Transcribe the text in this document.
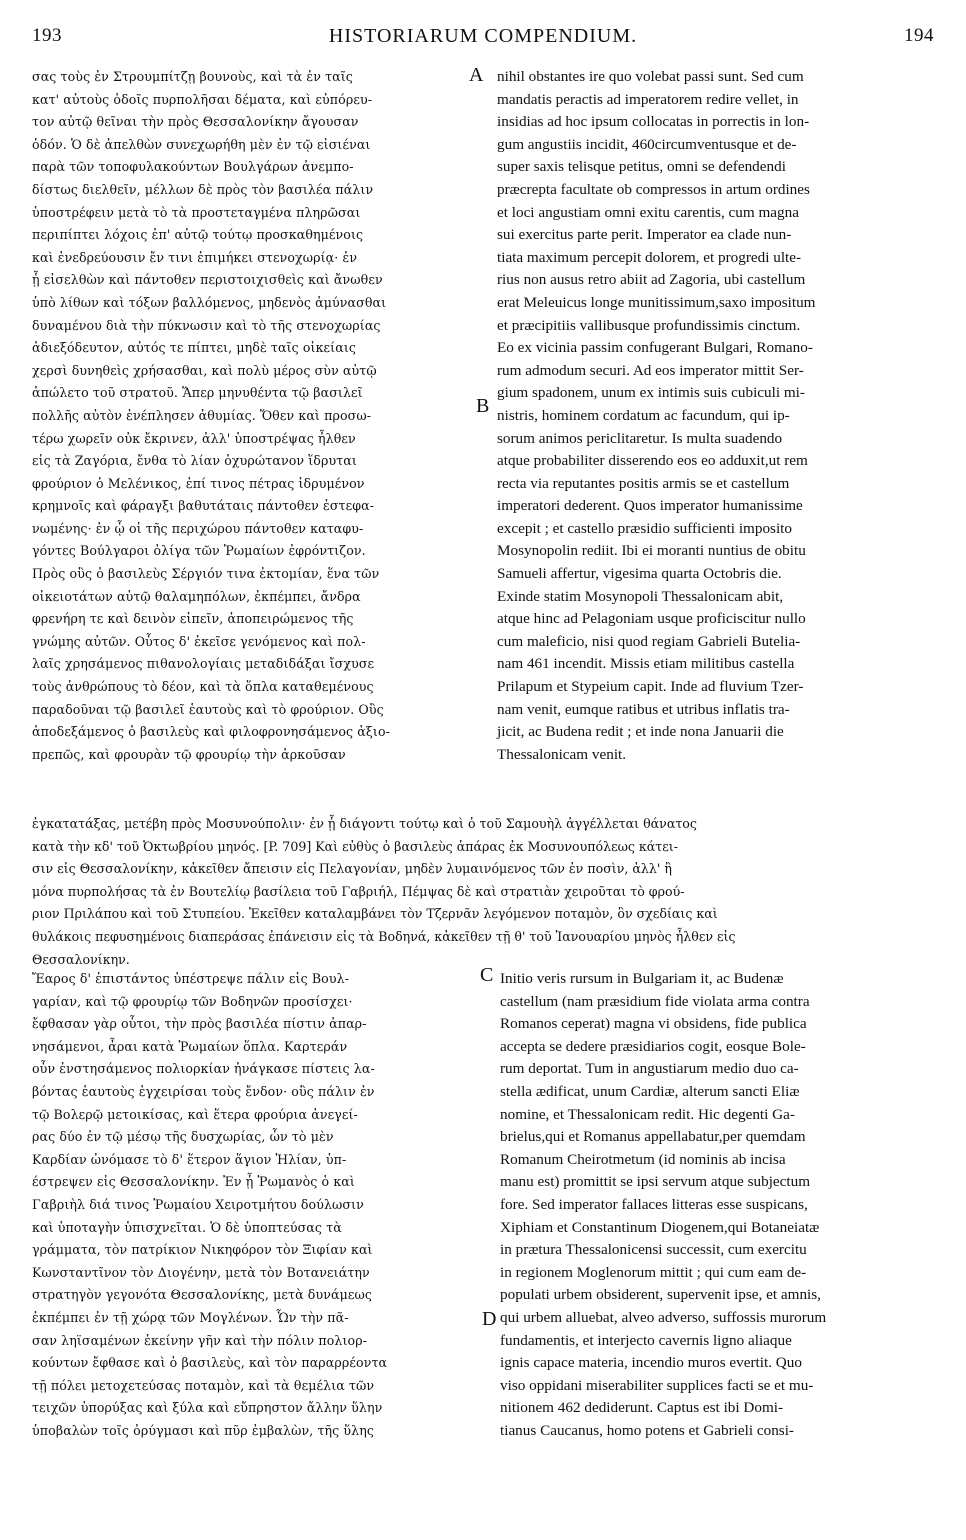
193	HISTORIARUM COMPENDIUM.	194
σας τοὺς ἐν Στρουμπίτζῃ βουνοὺς, καὶ τὰ ἐν ταῖς
κατ' αὐτοὺς ὁδοῖς πυρπολῆσαι δέματα, καὶ εὐπόρευ-
τον αὐτῷ θεῖναι τὴν πρὸς Θεσσαλονίκην ἄγουσαν
ὁδόν. Ὁ δὲ ἀπελθὼν συνεχωρήθη μὲν ἐν τῷ εἰσιέναι
παρὰ τῶν τοποφυλακούντων Βουλγάρων ἀνεμπο-
δίστως διελθεῖν, μέλλων δὲ πρὸς τὸν βασιλέα πάλιν
ὑποστρέφειν μετὰ τὸ τὰ προστεταγμένα πληρῶσαι
περιπίπτει λόχοις ἐπ' αὐτῷ τούτῳ προσκαθημένοις
καὶ ἐνεδρεύουσιν ἔν τινι ἐπιμήκει στενοχωρίᾳ· ἐν
ᾗ εἰσελθὼν καὶ πάντοθεν περιστοιχισθεὶς καὶ ἄνωθεν
ὑπὸ λίθων καὶ τόξων βαλλόμενος, μηδενὸς ἀμύνασθαι
δυναμένου διὰ τὴν πύκνωσιν καὶ τὸ τῆς στενοχωρίας
ἀδιεξόδευτον, αὐτός τε πίπτει, μηδὲ ταῖς οἰκείαις
χερσὶ δυνηθεὶς χρήσασθαι, καὶ πολὺ μέρος σὺν αὐτῷ
ἀπώλετο τοῦ στρατοῦ. Ἅπερ μηνυθέντα τῷ βασιλεῖ
πολλῆς αὐτὸν ἐνέπλησεν ἀθυμίας. Ὅθεν καὶ προσω-
τέρω χωρεῖν οὐκ ἔκρινεν, ἀλλ' ὑποστρέψας ἦλθεν
εἰς τὰ Ζαγόρια, ἔνθα τὸ λίαν ὀχυρώτανον ἵδρυται
φρούριον ὁ Μελένικος, ἐπί τινος πέτρας ἱδρυμένον
κρημνοῖς καὶ φάραγξι βαθυτάταις πάντοθεν ἐστεφα-
νωμένης· ἐν ᾧ οἱ τῆς περιχώρου πάντοθεν καταφυ-
γόντες Βούλγαροι ὀλίγα τῶν Ῥωμαίων ἐφρόντιζον.
Πρὸς οὓς ὁ βασιλεὺς Σέργιόν τινα ἐκτομίαν, ἕνα τῶν
οἰκειοτάτων αὐτῷ θαλαμηπόλων, ἐκπέμπει, ἄνδρα
φρενήρη τε καὶ δεινὸν εἰπεῖν, ἀποπειρώμενος τῆς
γνώμης αὐτῶν. Οὗτος δ' ἐκεῖσε γενόμενος καὶ πολ-
λαῖς χρησάμενος πιθανολογίαις μεταδιδάξαι ἴσχυσε
τοὺς ἀνθρώπους τὸ δέον, καὶ τὰ ὅπλα καταθεμένους
παραδοῦναι τῷ βασιλεῖ ἑαυτοὺς καὶ τὸ φρούριον. Οὓς
ἀποδεξάμενος ὁ βασιλεὺς καὶ φιλοφρονησάμενος ἀξιο-
πρεπῶς, καὶ φρουρὰν τῷ φρουρίῳ τὴν ἀρκοῦσαν
nihil obstantes ire quo volebat passi sunt. Sed cum
mandatis peractis ad imperatorem redire vellet, in
insidias ad hoc ipsum collocatas in porrectis in lon-
gum angustiis incidit, 460circumventusque et de-
super saxis telisque petitus, omni se defendendi
præcrepta facultate ob compressos in artum ordines
et loci angustiam omni exitu carentis, cum magna
sui exercitus parte perit. Imperator ea clade nun-
tiata maximum percepit dolorem, et progredi ulte-
rius non ausus retro abiit ad Zagoria, ubi castellum
erat Meleuicus longe munitissimum,saxo impositum
et præcipitiis vallibusque profundissimis cinctum.
Eo ex vicinia passim confugerant Bulgari, Romano-
rum admodum securi. Ad eos imperator mittit Ser-
gium spadonem, unum ex intimis suis cubiculi mi-
nistris, hominem cordatum ac facundum, qui ip-
sorum animos periclitaretur. Is multa suadendo
atque probabiliter disserendo eos eo adduxit,ut rem
recta via reputantes positis armis se et castellum
imperatori dederent. Quos imperator humanissime
excepit ; et castello præsidio sufficienti imposito
Mosynopolin rediit. Ibi ei moranti nuntius de obitu
Samueli affertur, vigesima quarta Octobris die.
Exinde statim Mosynopoli Thessalonicam abit,
atque hinc ad Pelagoniam usque proficiscitur nullo
cum maleficio, nisi quod regiam Gabrieli Butelia-
nam 461 incendit. Missis etiam militibus castella
Prilapum et Stypeium capit. Inde ad fluvium Tzer-
nam venit, eumque ratibus et utribus inflatis tra-
jicit, ac Budena redit ; et inde nona Januarii die
Thessalonicam venit.
A
B
C
D
ἐγκατατάξας, μετέβη πρὸς Μοσυνούπολιν· ἐν ᾗ διάγοντι τούτῳ καὶ ὁ τοῦ Σαμουὴλ ἀγγέλλεται θάνατος
κατὰ τὴν κδ' τοῦ Ὀκτωβρίου μηνός. [P. 709] Καὶ εὐθὺς ὁ βασιλεὺς ἀπάρας ἐκ Μοσυνουπόλεως κάτει-
σιν εἰς Θεσσαλονίκην, κἀκεῖθεν ἄπεισιν εἰς Πελαγονίαν, μηδὲν λυμαινόμενος τῶν ἐν ποσὶν, ἀλλ' ἢ
μόνα πυρπολήσας τὰ ἐν Βουτελίῳ βασίλεια τοῦ Γαβριήλ, Πέμψας δὲ καὶ στρατιὰν χειροῦται τὸ φρού-
ριον Πριλάπου καὶ τοῦ Στυπείου. Ἐκεῖθεν καταλαμβάνει τὸν Τζερνᾶν λεγόμενον ποταμὸν, ὃν σχεδίαις καὶ
θυλάκοις πεφυσημένοις διαπεράσας ἐπάνεισιν εἰς τὰ Βοδηνά, κἀκεῖθεν τῇ θ' τοῦ Ἰανουαρίου μηνὸς ἦλθεν εἰς
Θεσσαλονίκην.
Ἔαρος δ' ἐπιστάντος ὑπέστρεψε πάλιν εἰς Βουλ-
γαρίαν, καὶ τῷ φρουρίῳ τῶν Βοδηνῶν προσίσχει·
ἔφθασαν γὰρ οὗτοι, τὴν πρὸς βασιλέα πίστιν ἀπαρ-
νησάμενοι, ἆραι κατὰ Ῥωμαίων ὅπλα. Καρτεράν
οὖν ἐνστησάμενος πολιορκίαν ἠνάγκασε πίστεις λα-
βόντας ἑαυτοὺς ἐγχειρίσαι τοὺς ἔνδον· οὓς πάλιν ἐν
τῷ Βολερῷ μετοικίσας, καὶ ἕτερα φρούρια ἀνεγεί-
ρας δύο ἐν τῷ μέσῳ τῆς δυσχωρίας, ὧν τὸ μὲν
Καρδίαν ὠνόμασε τὸ δ' ἕτερον ἅγιον Ἠλίαν, ὑπ-
έστρεψεν εἰς Θεσσαλονίκην. Ἐν ᾗ Ῥωμανὸς ὁ καὶ
Γαβριὴλ διά τινος Ῥωμαίου Χειροτμήτου δούλωσιν
καὶ ὑποταγὴν ὑπισχνεῖται. Ὁ δὲ ὑποπτεύσας τὰ
γράμματα, τὸν πατρίκιον Νικηφόρον τὸν Ξιφίαν καὶ
Κωνσταντῖνον τὸν Διογένην, μετὰ τὸν Βοτανειάτην
στρατηγὸν γεγονότα Θεσσαλονίκης, μετὰ δυνάμεως
ἐκπέμπει ἐν τῇ χώρᾳ τῶν Μογλένων. Ὧν τὴν πᾶ-
σαν ληϊσαμένων ἐκείνην γῆν καὶ τὴν πόλιν πολιορ-
κούντων ἔφθασε καὶ ὁ βασιλεὺς, καὶ τὸν παραρρέοντα
τῇ πόλει μετοχετεύσας ποταμὸν, καὶ τὰ θεμέλια τῶν
τειχῶν ὑπορύξας καὶ ξύλα καὶ εὔπρηστον ἄλλην ὕλην
ὑποβαλὼν τοῖς ὀρύγμασι καὶ πῦρ ἐμβαλὼν, τῆς ὕλης
Initio veris rursum in Bulgariam it, ac Budenæ
castellum (nam præsidium fide violata arma contra
Romanos ceperat) magna vi obsidens, fide publica
accepta se dedere præsidiarios cogit, eosque Bole-
rum deportat. Tum in angustiarum medio duo ca-
stella ædificat, unum Cardiæ, alterum sancti Eliæ
nomine, et Thessalonicam redit. Hic degenti Ga-
brielus,qui et Romanus appellabatur,per quemdam
Romanum Cheirotmetum (id nominis ab incisa
manu est) promittit se ipsi servum atque subjectum
fore. Sed imperator fallaces litteras esse suspicans,
Xiphiam et Constantinum Diogenem,qui Botaneiatæ
in prætura Thessalonicensi successit, cum exercitu
in regionem Moglenorum mittit ; qui cum eam de-
populati urbem obsiderent, supervenit ipse, et amnis,
qui urbem alluebat, alveo adverso, suffossis murorum
fundamentis, et interjecto cavernis ligno aliaque
ignis capace materia, incendio muros evertit. Quo
viso oppidani miserabiliter supplices facti se et mu-
nitionem 462 dediderunt. Captus est ibi Domi-
tianus Caucanus, homo potens et Gabrieli consi-
